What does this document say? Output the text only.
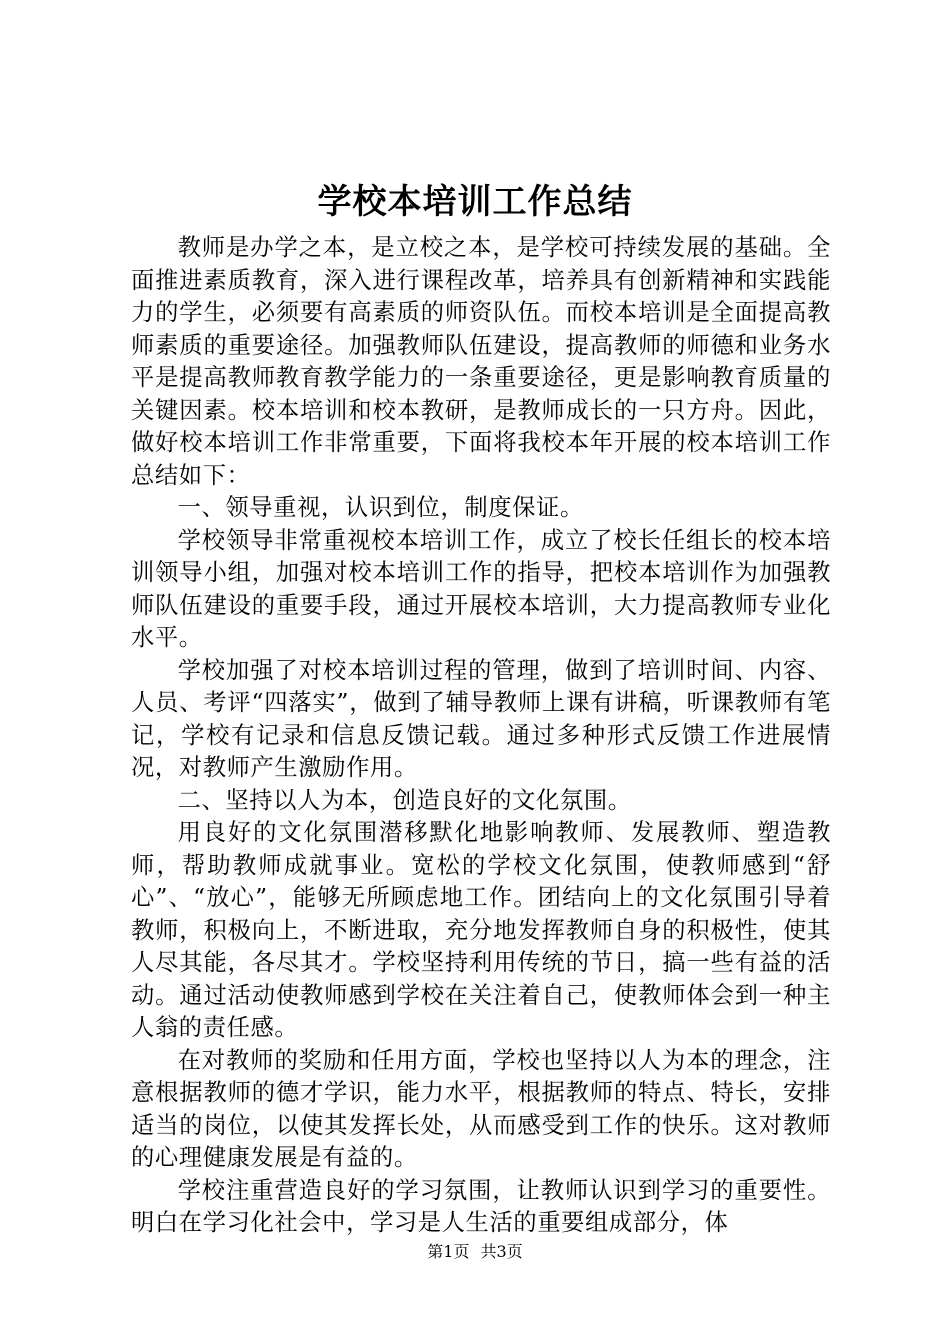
学校本培训工作总结

教师是办学之本，是立校之本，是学校可持续发展的基础。全面推进素质教育，深入进行课程改革，培养具有创新精神和实践能力的学生，必须要有高素质的师资队伍。而校本培训是全面提高教师素质的重要途径。加强教师队伍建设，提高教师的师德和业务水平是提高教师教育教学能力的一条重要途径，更是影响教育质量的关键因素。校本培训和校本教研，是教师成长的一只方舟。因此，做好校本培训工作非常重要，下面将我校本年开展的校本培训工作总结如下：

一、领导重视，认识到位，制度保证。

学校领导非常重视校本培训工作，成立了校长任组长的校本培训领导小组，加强对校本培训工作的指导，把校本培训作为加强教师队伍建设的重要手段，通过开展校本培训，大力提高教师专业化水平。

学校加强了对校本培训过程的管理，做到了培训时间、内容、人员、考评“四落实”，做到了辅导教师上课有讲稿，听课教师有笔记，学校有记录和信息反馈记载。通过多种形式反馈工作进展情况，对教师产生激励作用。

二、坚持以人为本，创造良好的文化氛围。

用良好的文化氛围潜移默化地影响教师、发展教师、塑造教师，帮助教师成就事业。宽松的学校文化氛围，使教师感到“舒心”、“放心”，能够无所顾虑地工作。团结向上的文化氛围引导着教师，积极向上，不断进取，充分地发挥教师自身的积极性，使其人尽其能，各尽其才。学校坚持利用传统的节日，搞一些有益的活动。通过活动使教师感到学校在关注着自己，使教师体会到一种主人翁的责任感。

在对教师的奖励和任用方面，学校也坚持以人为本的理念，注意根据教师的德才学识，能力水平，根据教师的特点、特长，安排适当的岗位，以使其发挥长处，从而感受到工作的快乐。这对教师的心理健康发展是有益的。

学校注重营造良好的学习氛围，让教师认识到学习的重要性。明白在学习化社会中，学习是人生活的重要组成部分，体

第1页 共3页
